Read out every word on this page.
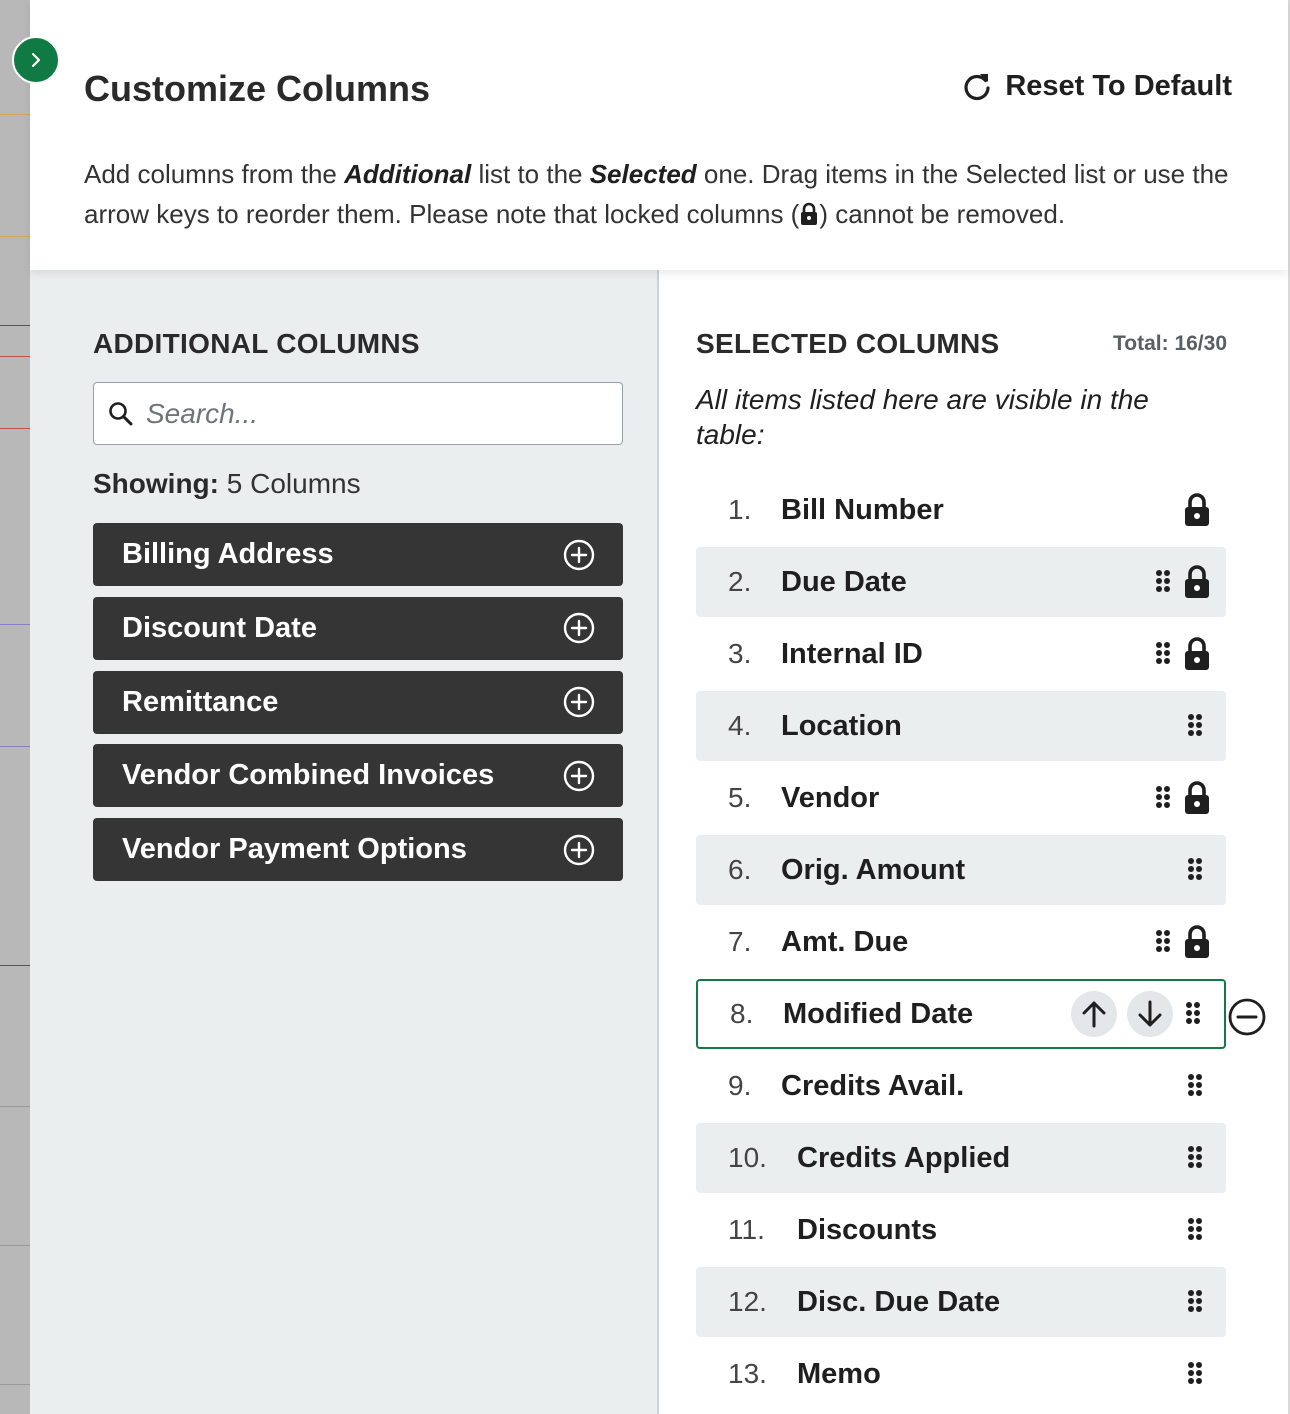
Customize Columns	Reset To Default
Add columns from the Additional list to the Selected one. Drag items in the Selected list or use the arrow keys to reorder them. Please note that locked columns ( ) cannot be removed.
ADDITIONAL COLUMNS
Search...
Showing: 5 Columns
Billing Address
Discount Date
Remittance
Vendor Combined Invoices
Vendor Payment Options
SELECTED COLUMNS	Total: 16/30
All items listed here are visible in the table:
1. Bill Number
2. Due Date
3. Internal ID
4. Location
5. Vendor
6. Orig. Amount
7. Amt. Due
8. Modified Date
9. Credits Avail.
10. Credits Applied
11. Discounts
12. Disc. Due Date
13. Memo
